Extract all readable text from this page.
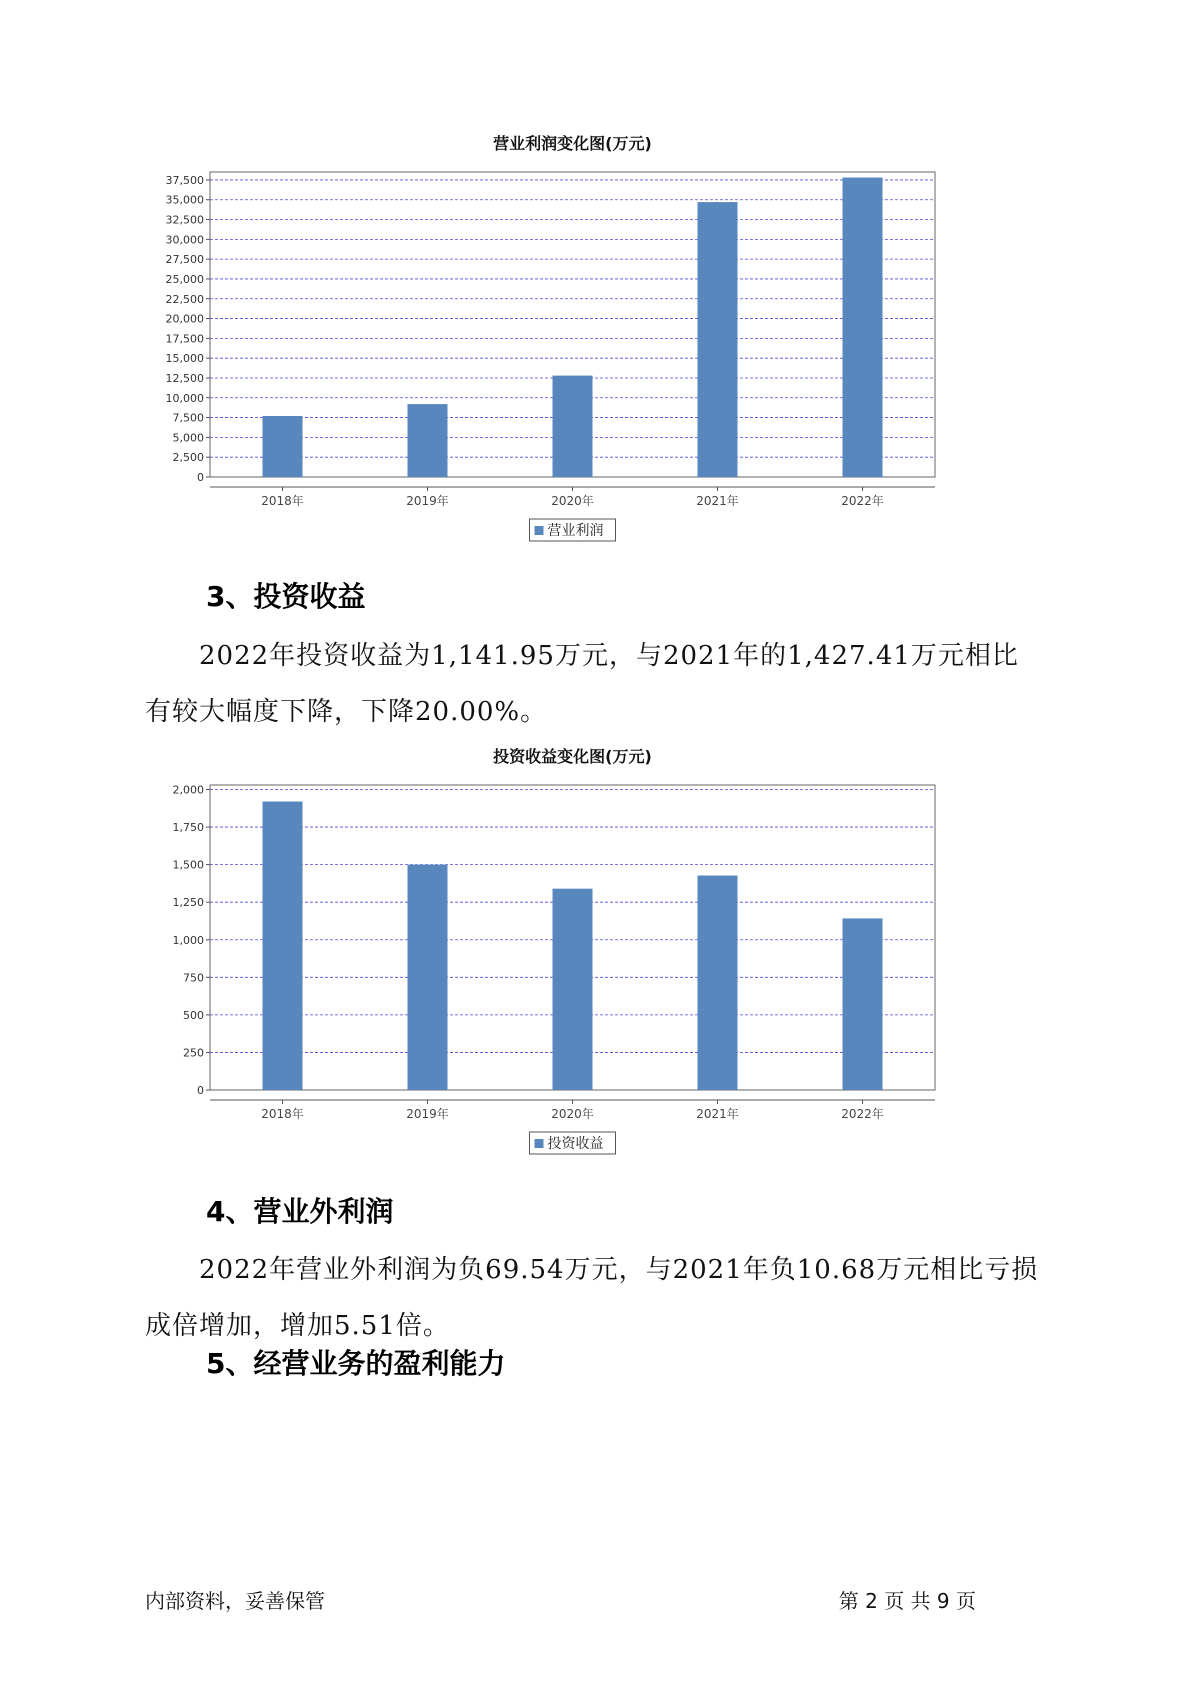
营业利润变化图(万元)
0
2,500
5,000
7,500
10,000
12,500
15,000
17,500
20,000
22,500
25,000
27,500
30,000
32,500
35,000
37,500
2018年	2019年	2020年	2021年	2022年
营业利润
3、投资收益

2022年投资收益为1,141.95万元，与2021年的1,427.41万元相比有较大幅度下降，下降20.00%。

投资收益变化图(万元)
0
250
500
750
1,000
1,250
1,500
1,750
2,000
2018年	2019年	2020年	2021年	2022年
投资收益
4、营业外利润

2022年营业外利润为负69.54万元，与2021年负10.68万元相比亏损成倍增加，增加5.51倍。

5、经营业务的盈利能力
内部资料，妥善保管	第 2 页 共 9 页
